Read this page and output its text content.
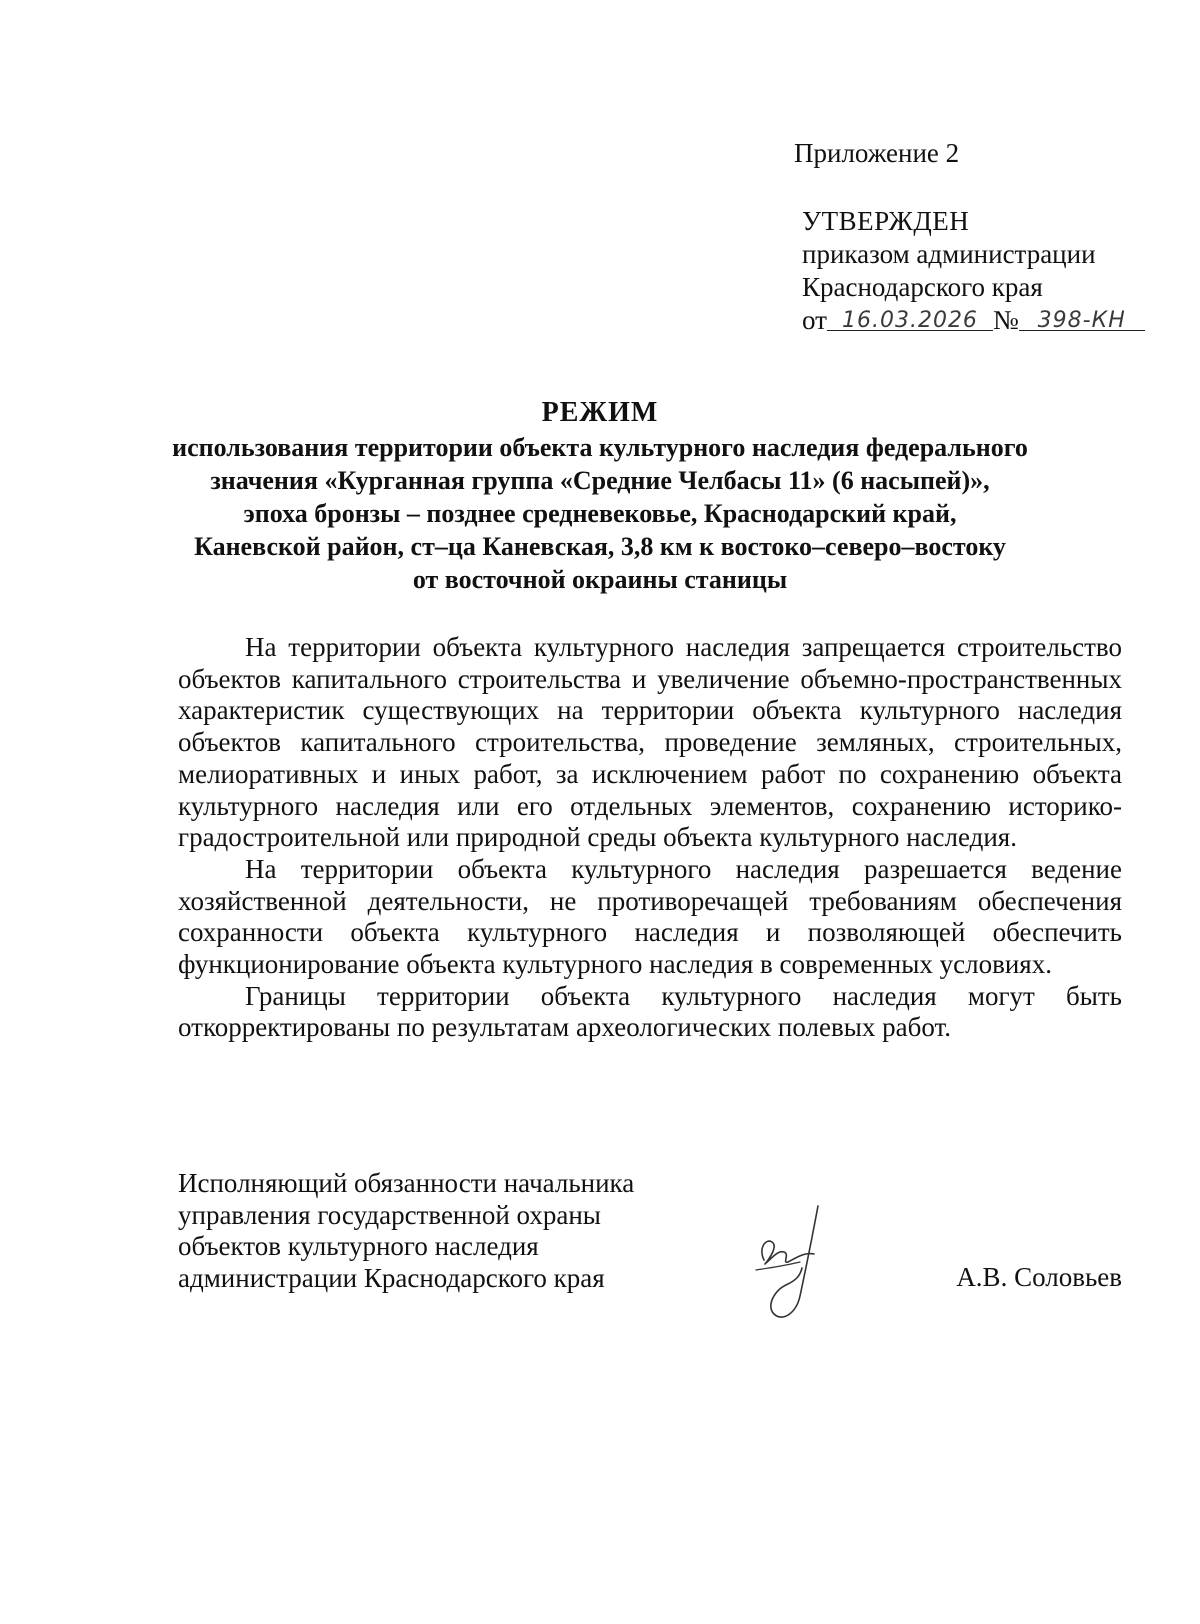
Приложение 2
УТВЕРЖДЕН
приказом администрации
Краснодарского края
от 16.03.2026 № 398-КН
РЕЖИМ
использования территории объекта культурного наследия федерального
значения «Курганная группа «Средние Челбасы 11» (6 насыпей)»,
эпоха бронзы – позднее средневековье, Краснодарский край,
Каневской район, ст–ца Каневская, 3,8 км к востоко–северо–востоку
от восточной окраины станицы

На территории объекта культурного наследия запрещается строительство объектов капитального строительства и увеличение объемно-пространственных характеристик существующих на территории объекта культурного наследия объектов капитального строительства, проведение земляных, строительных, мелиоративных и иных работ, за исключением работ по сохранению объекта культурного наследия или его отдельных элементов, сохранению историко-градостроительной или природной среды объекта культурного наследия.

На территории объекта культурного наследия разрешается ведение хозяйственной деятельности, не противоречащей требованиям обеспечения сохранности объекта культурного наследия и позволяющей обеспечить функционирование объекта культурного наследия в современных условиях.

Границы территории объекта культурного наследия могут быть откорректированы по результатам археологических полевых работ.

Исполняющий обязанности начальника
управления государственной охраны
объектов культурного наследия
администрации Краснодарского края	А.В. Соловьев
